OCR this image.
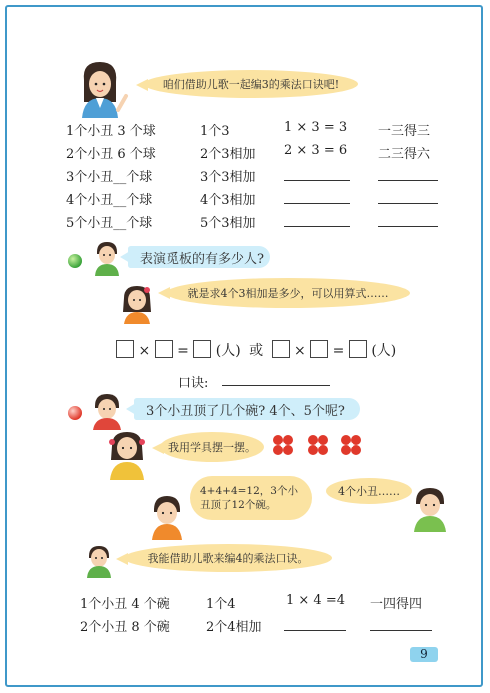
咱们借助儿歌一起编3的乘法口诀吧!
1个小丑 3 个球	1个3	1 × 3 = 3 一三得三
2个小丑 6 个球	2个3相加 2 × 3 = 6 二三得六
3个小丑__个球	3个3相加
4个小丑__个球	4个3相加
5个小丑__个球	5个3相加
表演觅板的有多少人?
就是求4个3相加是多少，可以用算式……
× = (人) 或 × = (人)
口诀:
3个小丑顶了几个碗? 4个、5个呢?
我用学具摆一摆。
4+4+4=12，3个小丑顶了12个碗。
4个小丑……
我能借助儿歌来编4的乘法口诀。
1个小丑 4 个碗	1个4	1 × 4 =4 一四得四
2个小丑 8 个碗	2个4相加
9
